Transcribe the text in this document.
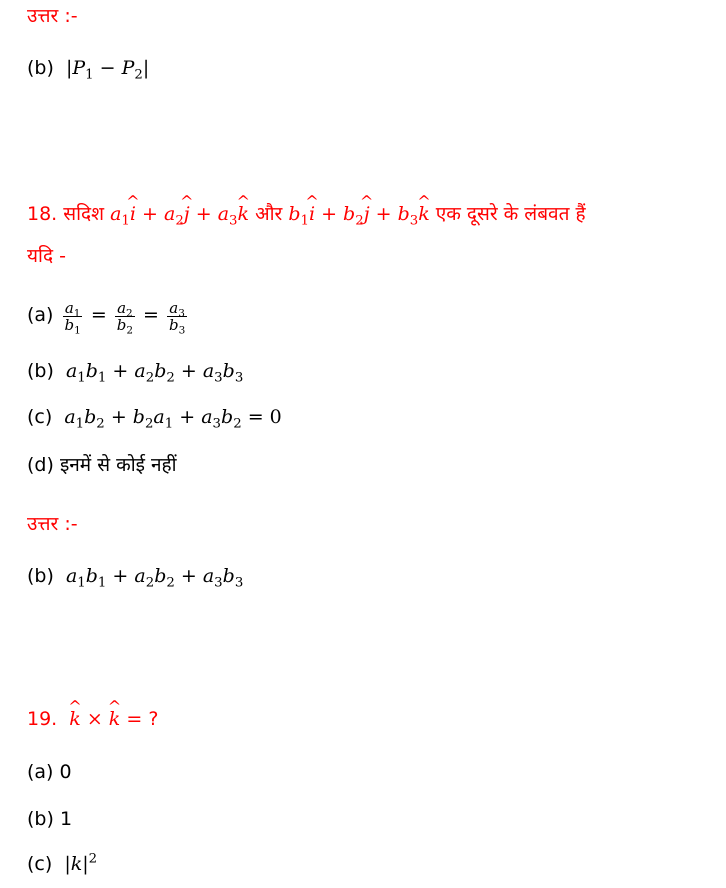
उत्तर :-
(b) $|P_1 - P_2|$
18. सदिश $a_1\^{}$ $i + a_2\^{}$ $j + a_3\^{}$ k और $b_1\^{}$ $i + b_2\^{}$ $j + b_3\^{}$ k एक दूसरे के लंबवत हैं
यदि -
$(a) \frac{a_1}{b_1} = \frac{a_2}{b_2} = \frac{a_3}{b_3}$
(b) $a_1b_1 + a_2b_2 + a_3b_3$
(c) $a_1b_2 + b_2a_1 + a_3b_2 = 0$
(d) इनमें से कोई नहीं
उत्तर :-
(b) $a_1b_1 + a_2b_2 + a_3b_3$
19. ^ k × ^ k = ?
(a) 0
(b) 1
(c) $|k|^2$
